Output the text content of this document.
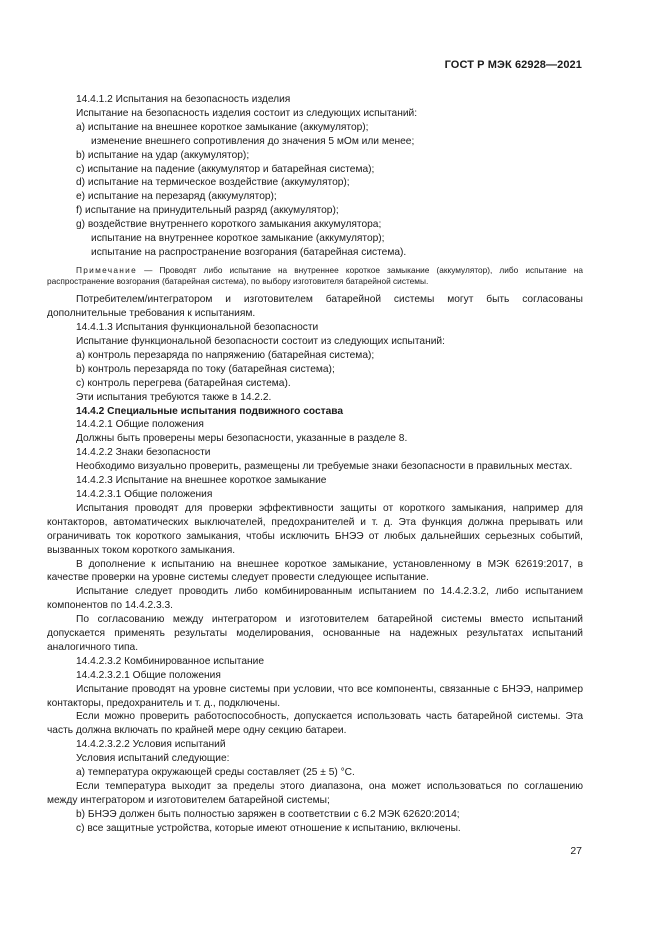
ГОСТ Р МЭК 62928—2021
14.4.1.2 Испытания на безопасность изделия
Испытание на безопасность изделия состоит из следующих испытаний:
a) испытание на внешнее короткое замыкание (аккумулятор);
изменение внешнего сопротивления до значения 5 мОм или менее;
b) испытание на удар (аккумулятор);
c) испытание на падение (аккумулятор и батарейная система);
d) испытание на термическое воздействие (аккумулятор);
e) испытание на перезаряд (аккумулятор);
f) испытание на принудительный разряд (аккумулятор);
g) воздействие внутреннего короткого замыкания аккумулятора;
испытание на внутреннее короткое замыкание (аккумулятор);
испытание на распространение возгорания (батарейная система).
Примечание — Проводят либо испытание на внутреннее короткое замыкание (аккумулятор), либо испытание на распространение возгорания (батарейная система), по выбору изготовителя батарейной системы.
Потребителем/интегратором и изготовителем батарейной системы могут быть согласованы дополнительные требования к испытаниям.
14.4.1.3 Испытания функциональной безопасности
Испытание функциональной безопасности состоит из следующих испытаний:
a) контроль перезаряда по напряжению (батарейная система);
b) контроль перезаряда по току (батарейная система);
c) контроль перегрева (батарейная система).
Эти испытания требуются также в 14.2.2.
14.4.2 Специальные испытания подвижного состава
14.4.2.1 Общие положения
Должны быть проверены меры безопасности, указанные в разделе 8.
14.4.2.2 Знаки безопасности
Необходимо визуально проверить, размещены ли требуемые знаки безопасности в правильных местах.
14.4.2.3 Испытание на внешнее короткое замыкание
14.4.2.3.1 Общие положения
Испытания проводят для проверки эффективности защиты от короткого замыкания, например для контакторов, автоматических выключателей, предохранителей и т. д. Эта функция должна прерывать или ограничивать ток короткого замыкания, чтобы исключить БНЭЭ от любых дальнейших серьезных событий, вызванных током короткого замыкания.
В дополнение к испытанию на внешнее короткое замыкание, установленному в МЭК 62619:2017, в качестве проверки на уровне системы следует провести следующее испытание.
Испытание следует проводить либо комбинированным испытанием по 14.4.2.3.2, либо испытанием компонентов по 14.4.2.3.3.
По согласованию между интегратором и изготовителем батарейной системы вместо испытаний допускается применять результаты моделирования, основанные на надежных результатах испытаний аналогичного типа.
14.4.2.3.2 Комбинированное испытание
14.4.2.3.2.1 Общие положения
Испытание проводят на уровне системы при условии, что все компоненты, связанные с БНЭЭ, например контакторы, предохранитель и т. д., подключены.
Если можно проверить работоспособность, допускается использовать часть батарейной системы. Эта часть должна включать по крайней мере одну секцию батареи.
14.4.2.3.2.2 Условия испытаний
Условия испытаний следующие:
a) температура окружающей среды составляет (25 ± 5) °С.
Если температура выходит за пределы этого диапазона, она может использоваться по соглашению между интегратором и изготовителем батарейной системы;
b) БНЭЭ должен быть полностью заряжен в соответствии с 6.2 МЭК 62620:2014;
c) все защитные устройства, которые имеют отношение к испытанию, включены.
27
